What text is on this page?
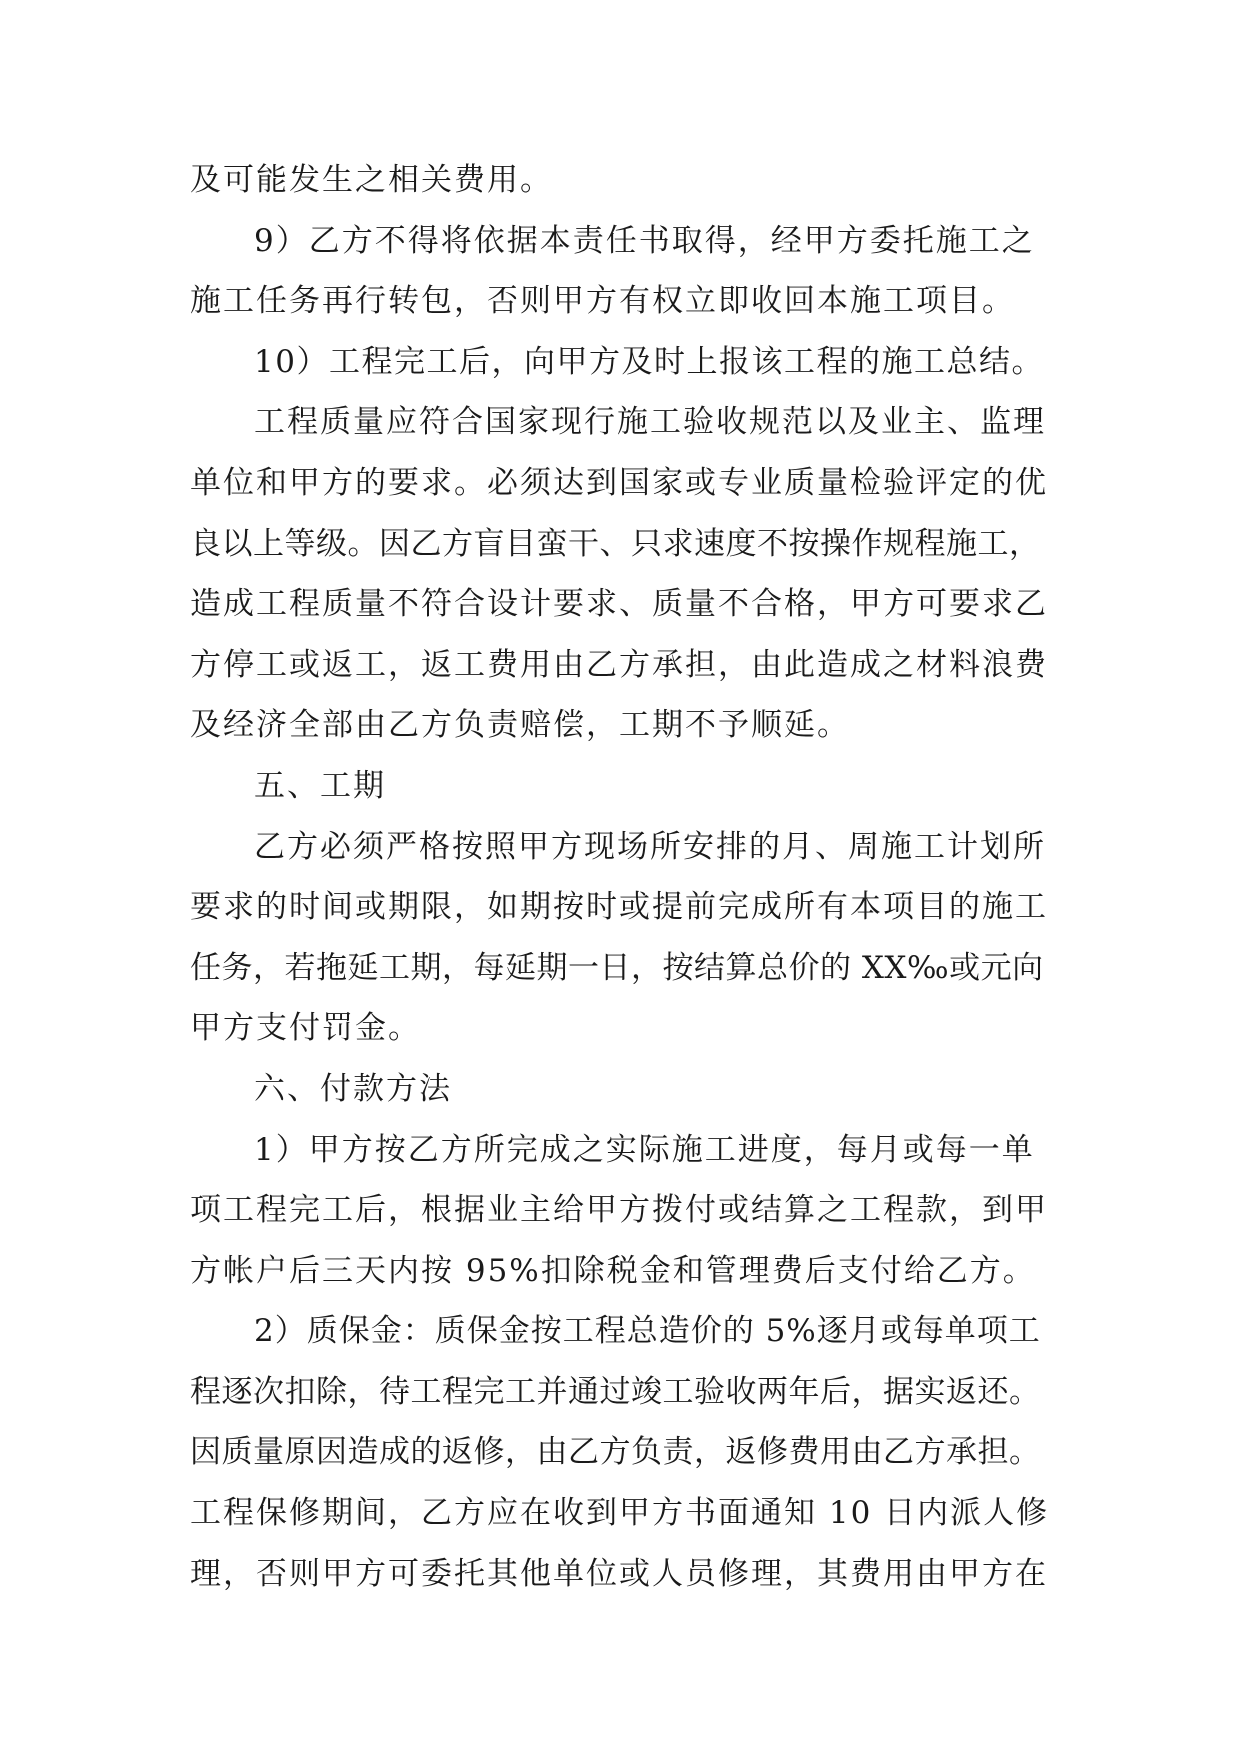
及可能发生之相关费用。

9）乙方不得将依据本责任书取得，经甲方委托施工之

施工任务再行转包，否则甲方有权立即收回本施工项目。

10）工程完工后，向甲方及时上报该工程的施工总结。

工程质量应符合国家现行施工验收规范以及业主、监理

单位和甲方的要求。必须达到国家或专业质量检验评定的优

良以上等级。因乙方盲目蛮干、只求速度不按操作规程施工，

造成工程质量不符合设计要求、质量不合格，甲方可要求乙

方停工或返工，返工费用由乙方承担，由此造成之材料浪费

及经济全部由乙方负责赔偿，工期不予顺延。

五、工期

乙方必须严格按照甲方现场所安排的月、周施工计划所

要求的时间或期限，如期按时或提前完成所有本项目的施工

任务，若拖延工期，每延期一日，按结算总价的 XX‰或元向

甲方支付罚金。

六、付款方法

1）甲方按乙方所完成之实际施工进度，每月或每一单

项工程完工后，根据业主给甲方拨付或结算之工程款，到甲

方帐户后三天内按 95%扣除税金和管理费后支付给乙方。

2）质保金：质保金按工程总造价的 5%逐月或每单项工

程逐次扣除，待工程完工并通过竣工验收两年后，据实返还。

因质量原因造成的返修，由乙方负责，返修费用由乙方承担。

工程保修期间，乙方应在收到甲方书面通知 10 日内派人修

理，否则甲方可委托其他单位或人员修理，其费用由甲方在
